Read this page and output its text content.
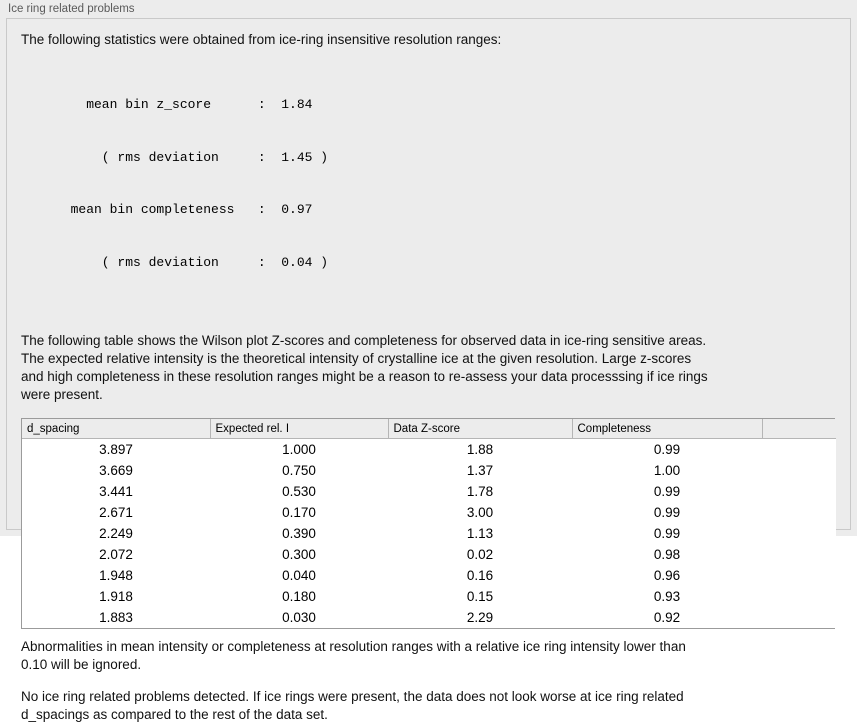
Ice ring related problems
The following statistics were obtained from ice-ring insensitive resolution ranges:

mean bin z_score      :  1.84

( rms deviation     :  1.45 )

mean bin completeness   :  0.97

( rms deviation     :  0.04 )

The following table shows the Wilson plot Z-scores and completeness for observed data in ice-ring sensitive areas.
The expected relative intensity is the theoretical intensity of crystalline ice at the given resolution. Large z-scores
and high completeness in these resolution ranges might be a reason to re-assess your data processsing if ice rings
were present.
d_spacing	Expected rel. I	Data Z-score	Completeness	
3.897	1.000	1.88	0.99	
3.669	0.750	1.37	1.00	
3.441	0.530	1.78	0.99	
2.671	0.170	3.00	0.99	
2.249	0.390	1.13	0.99	
2.072	0.300	0.02	0.98	
1.948	0.040	0.16	0.96	
1.918	0.180	0.15	0.93	
1.883	0.030	2.29	0.92	
Abnormalities in mean intensity or completeness at resolution ranges with a relative ice ring intensity lower than
0.10 will be ignored.
No ice ring related problems detected. If ice rings were present, the data does not look worse at ice ring related
d_spacings as compared to the rest of the data set.
